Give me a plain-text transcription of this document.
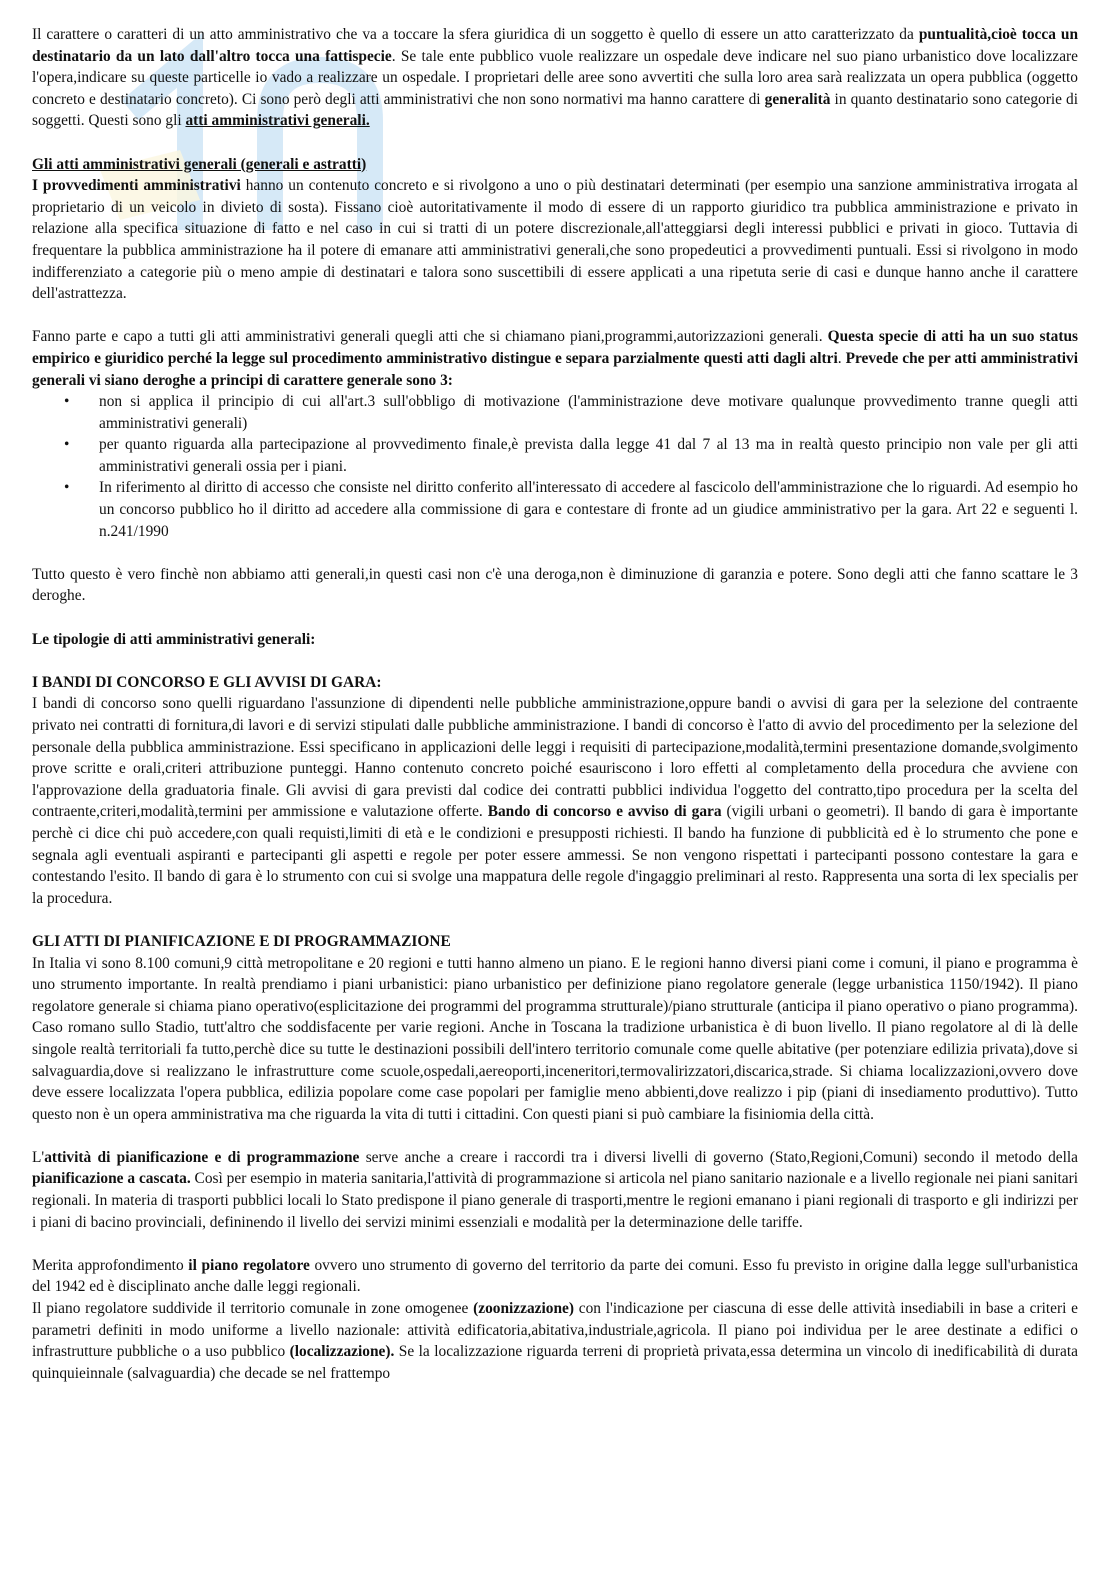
Il carattere o caratteri di un atto amministrativo che va a toccare la sfera giuridica di un soggetto è quello di essere un atto caratterizzato da puntualità,cioè tocca un destinatario da un lato dall'altro tocca una fattispecie. Se tale ente pubblico vuole realizzare un ospedale deve indicare nel suo piano urbanistico dove localizzare l'opera,indicare su queste particelle io vado a realizzare un ospedale. I proprietari delle aree sono avvertiti che sulla loro area sarà realizzata un opera pubblica (oggetto concreto e destinatario concreto). Ci sono però degli atti amministrativi che non sono normativi ma hanno carattere di generalità in quanto destinatario sono categorie di soggetti. Questi sono gli atti amministrativi generali.

Gli atti amministrativi generali (generali e astratti)

I provvedimenti amministrativi hanno un contenuto concreto e si rivolgono a uno o più destinatari determinati (per esempio una sanzione amministrativa irrogata al proprietario di un veicolo in divieto di sosta). Fissano cioè autoritativamente il modo di essere di un rapporto giuridico tra pubblica amministrazione e privato in relazione alla specifica situazione di fatto e nel caso in cui si tratti di un potere discrezionale,all'atteggiarsi degli interessi pubblici e privati in gioco. Tuttavia di frequentare la pubblica amministrazione ha il potere di emanare atti amministrativi generali,che sono propedeutici a provvedimenti puntuali. Essi si rivolgono in modo indifferenziato a categorie più o meno ampie di destinatari e talora sono suscettibili di essere applicati a una ripetuta serie di casi e dunque hanno anche il carattere dell'astrattezza.

Fanno parte e capo a tutti gli atti amministrativi generali quegli atti che si chiamano piani,programmi,autorizzazioni generali. Questa specie di atti ha un suo status empirico e giuridico perché la legge sul procedimento amministrativo distingue e separa parzialmente questi atti dagli altri. Prevede che per atti amministrativi generali vi siano deroghe a principi di carattere generale sono 3:

• non si applica il principio di cui all'art.3 sull'obbligo di motivazione (l'amministrazione deve motivare qualunque provvedimento tranne quegli atti amministrativi generali)
• per quanto riguarda alla partecipazione al provvedimento finale,è prevista dalla legge 41 dal 7 al 13 ma in realtà questo principio non vale per gli atti amministrativi generali ossia per i piani.
• In riferimento al diritto di accesso che consiste nel diritto conferito all'interessato di accedere al fascicolo dell'amministrazione che lo riguardi. Ad esempio ho un concorso pubblico ho il diritto ad accedere alla commissione di gara e contestare di fronte ad un giudice amministrativo per la gara. Art 22 e seguenti l. n.241/1990

Tutto questo è vero finchè non abbiamo atti generali,in questi casi non c'è una deroga,non è diminuzione di garanzia e potere. Sono degli atti che fanno scattare le 3 deroghe.

Le tipologie di atti amministrativi generali:

I BANDI DI CONCORSO E GLI AVVISI DI GARA:

I bandi di concorso sono quelli riguardano l'assunzione di dipendenti nelle pubbliche amministrazione,oppure bandi o avvisi di gara per la selezione del contraente privato nei contratti di fornitura,di lavori e di servizi stipulati dalle pubbliche amministrazione. I bandi di concorso è l'atto di avvio del procedimento per la selezione del personale della pubblica amministrazione. Essi specificano in applicazioni delle leggi i requisiti di partecipazione,modalità,termini presentazione domande,svolgimento prove scritte e orali,criteri attribuzione punteggi. Hanno contenuto concreto poiché esauriscono i loro effetti al completamento della procedura che avviene con l'approvazione della graduatoria finale. Gli avvisi di gara previsti dal codice dei contratti pubblici individua l'oggetto del contratto,tipo procedura per la scelta del contraente,criteri,modalità,termini per ammissione e valutazione offerte. Bando di concorso e avviso di gara (vigili urbani o geometri). Il bando di gara è importante perchè ci dice chi può accedere,con quali requisti,limiti di età e le condizioni e presupposti richiesti. Il bando ha funzione di pubblicità ed è lo strumento che pone e segnala agli eventuali aspiranti e partecipanti gli aspetti e regole per poter essere ammessi. Se non vengono rispettati i partecipanti possono contestare la gara e contestando l'esito. Il bando di gara è lo strumento con cui si svolge una mappatura delle regole d'ingaggio preliminari al resto. Rappresenta una sorta di lex specialis per la procedura.

GLI ATTI DI PIANIFICAZIONE E DI PROGRAMMAZIONE

In Italia vi sono 8.100 comuni,9 città metropolitane e 20 regioni e tutti hanno almeno un piano. E le regioni hanno diversi piani come i comuni, il piano e programma è uno strumento importante. In realtà prendiamo i piani urbanistici: piano urbanistico per definizione piano regolatore generale (legge urbanistica 1150/1942). Il piano regolatore generale si chiama piano operativo(esplicitazione dei programmi del programma strutturale)/piano strutturale (anticipa il piano operativo o piano programma). Caso romano sullo Stadio, tutt'altro che soddisfacente per varie regioni. Anche in Toscana la tradizione urbanistica è di buon livello. Il piano regolatore al di là delle singole realtà territoriali fa tutto,perchè dice su tutte le destinazioni possibili dell'intero territorio comunale come quelle abitative (per potenziare edilizia privata),dove si salvaguardia,dove si realizzano le infrastrutture come scuole,ospedali,aereoporti,inceneritori,termovalirizzatori,discarica,strade. Si chiama localizzazioni,ovvero dove deve essere localizzata l'opera pubblica, edilizia popolare come case popolari per famiglie meno abbienti,dove realizzo i pip (piani di insediamento produttivo). Tutto questo non è un opera amministrativa ma che riguarda la vita di tutti i cittadini. Con questi piani si può cambiare la fisiniomia della città.

L'attività di pianificazione e di programmazione serve anche a creare i raccordi tra i diversi livelli di governo (Stato,Regioni,Comuni) secondo il metodo della pianificazione a cascata. Così per esempio in materia sanitaria,l'attività di programmazione si articola nel piano sanitario nazionale e a livello regionale nei piani sanitari regionali. In materia di trasporti pubblici locali lo Stato predispone il piano generale di trasporti,mentre le regioni emanano i piani regionali di trasporto e gli indirizzi per i piani di bacino provinciali, defininendo il livello dei servizi minimi essenziali e modalità per la determinazione delle tariffe.

Merita approfondimento il piano regolatore ovvero uno strumento di governo del territorio da parte dei comuni. Esso fu previsto in origine dalla legge sull'urbanistica del 1942 ed è disciplinato anche dalle leggi regionali.

Il piano regolatore suddivide il territorio comunale in zone omogenee (zoonizzazione) con l'indicazione per ciascuna di esse delle attività insediabili in base a criteri e parametri definiti in modo uniforme a livello nazionale: attività edificatoria,abitativa,industriale,agricola. Il piano poi individua per le aree destinate a edifici o infrastrutture pubbliche o a uso pubblico (localizzazione). Se la localizzazione riguarda terreni di proprietà privata,essa determina un vincolo di inedificabilità di durata quinquieinnale (salvaguardia) che decade se nel frattempo
